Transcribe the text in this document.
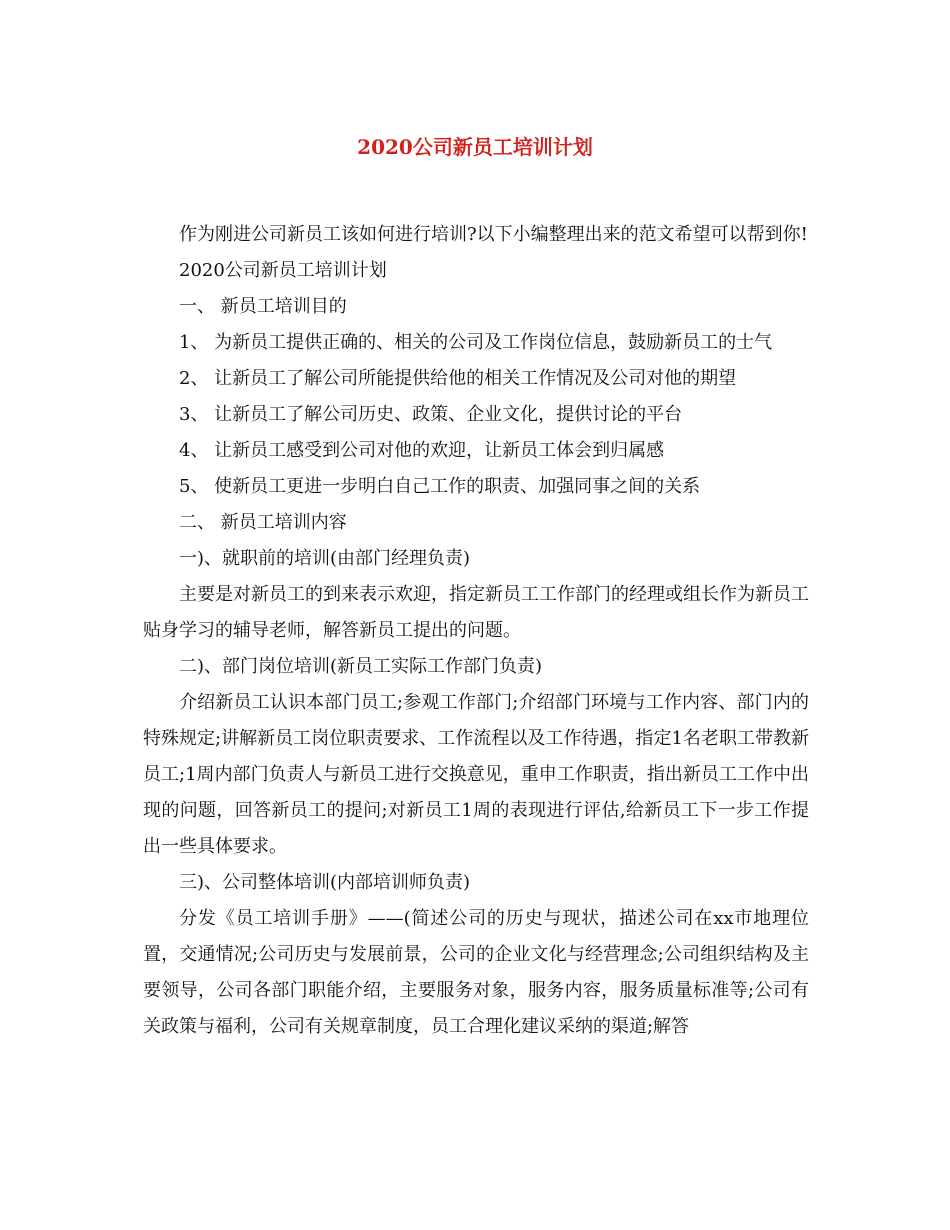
2020公司新员工培训计划

作为刚进公司新员工该如何进行培训?以下小编整理出来的范文希望可以帮到你!

2020公司新员工培训计划

一、 新员工培训目的

1、 为新员工提供正确的、相关的公司及工作岗位信息，鼓励新员工的士气

2、 让新员工了解公司所能提供给他的相关工作情况及公司对他的期望

3、 让新员工了解公司历史、政策、企业文化，提供讨论的平台

4、 让新员工感受到公司对他的欢迎，让新员工体会到归属感

5、 使新员工更进一步明白自己工作的职责、加强同事之间的关系

二、 新员工培训内容

一)、就职前的培训(由部门经理负责)

主要是对新员工的到来表示欢迎，指定新员工工作部门的经理或组长作为新员工贴身学习的辅导老师，解答新员工提出的问题。

二)、部门岗位培训(新员工实际工作部门负责)

介绍新员工认识本部门员工;参观工作部门;介绍部门环境与工作内容、部门内的特殊规定;讲解新员工岗位职责要求、工作流程以及工作待遇，指定1名老职工带教新员工;1周内部门负责人与新员工进行交换意见，重申工作职责，指出新员工工作中出现的问题，回答新员工的提问;对新员工1周的表现进行评估,给新员工下一步工作提出一些具体要求。

三)、公司整体培训(内部培训师负责)

分发《员工培训手册》——(简述公司的历史与现状，描述公司在xx市地理位置，交通情况;公司历史与发展前景，公司的企业文化与经营理念;公司组织结构及主要领导，公司各部门职能介绍，主要服务对象，服务内容，服务质量标准等;公司有关政策与福利，公司有关规章制度，员工合理化建议采纳的渠道;解答
